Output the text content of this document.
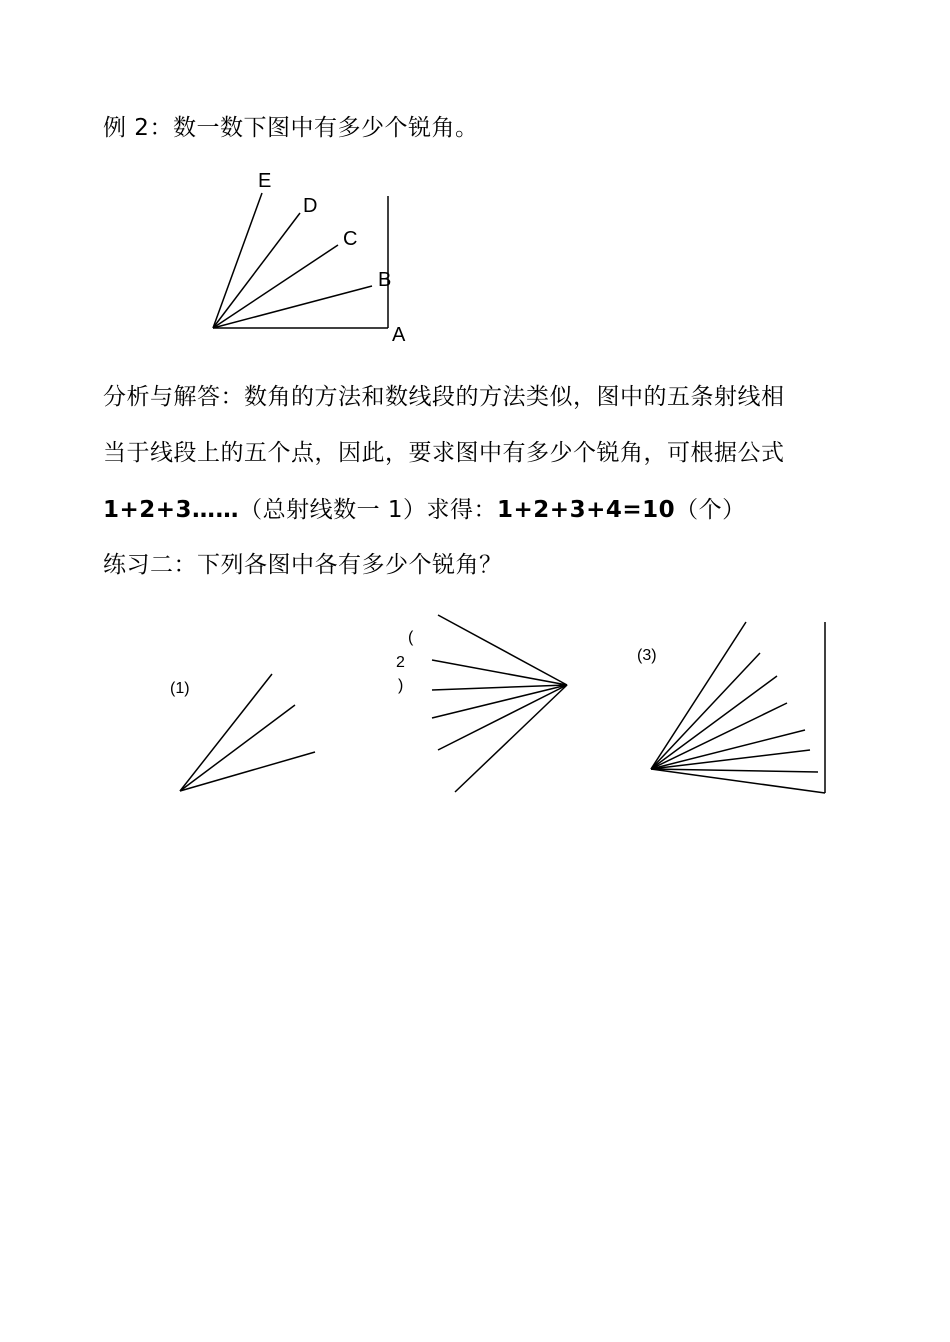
例 2：数一数下图中有多少个锐角。
E
D
C
B
A
(1)
(
2
)
(3)
分析与解答：数角的方法和数线段的方法类似，图中的五条射线相
当于线段上的五个点，因此，要求图中有多少个锐角，可根据公式
1+2+3……（总射线数一 1）求得：1+2+3+4=10（个）
练习二：下列各图中各有多少个锐角？
